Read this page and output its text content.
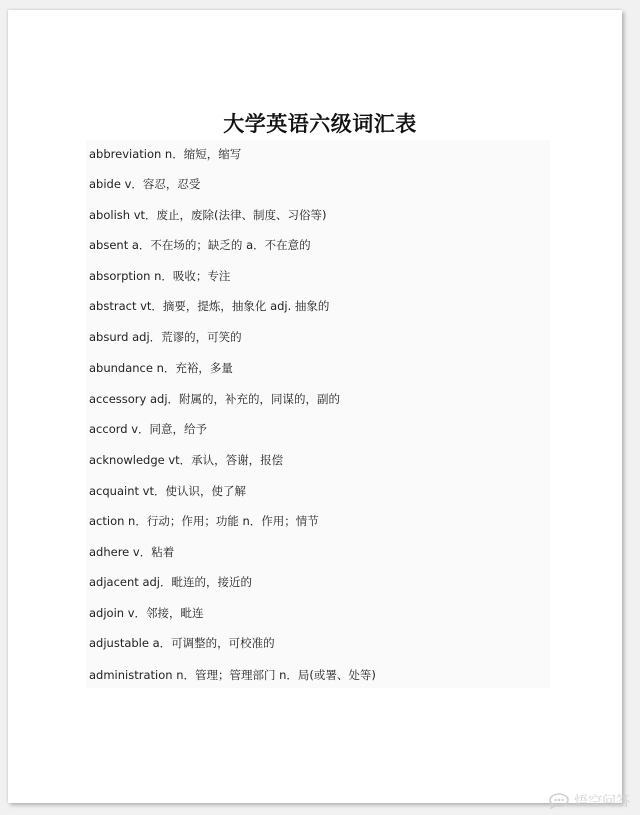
大学英语六级词汇表
abbreviation n．缩短，缩写
abide v．容忍，忍受
abolish vt．废止，废除(法律、制度、习俗等)
absent a．不在场的；缺乏的 a．不在意的
absorption n．吸收；专注
abstract vt．摘要，提炼，抽象化 adj. 抽象的
absurd adj．荒谬的，可笑的
abundance n．充裕，多量
accessory adj．附属的，补充的，同谋的，副的
accord v．同意，给予
acknowledge vt．承认，答谢，报偿
acquaint vt．使认识，使了解
action n．行动；作用；功能 n．作用；情节
adhere v．粘着
adjacent adj．毗连的，接近的
adjoin v．邻接，毗连
adjustable a．可调整的，可校准的
administration n．管理；管理部门 n．局(或署、处等)
悟空问答
